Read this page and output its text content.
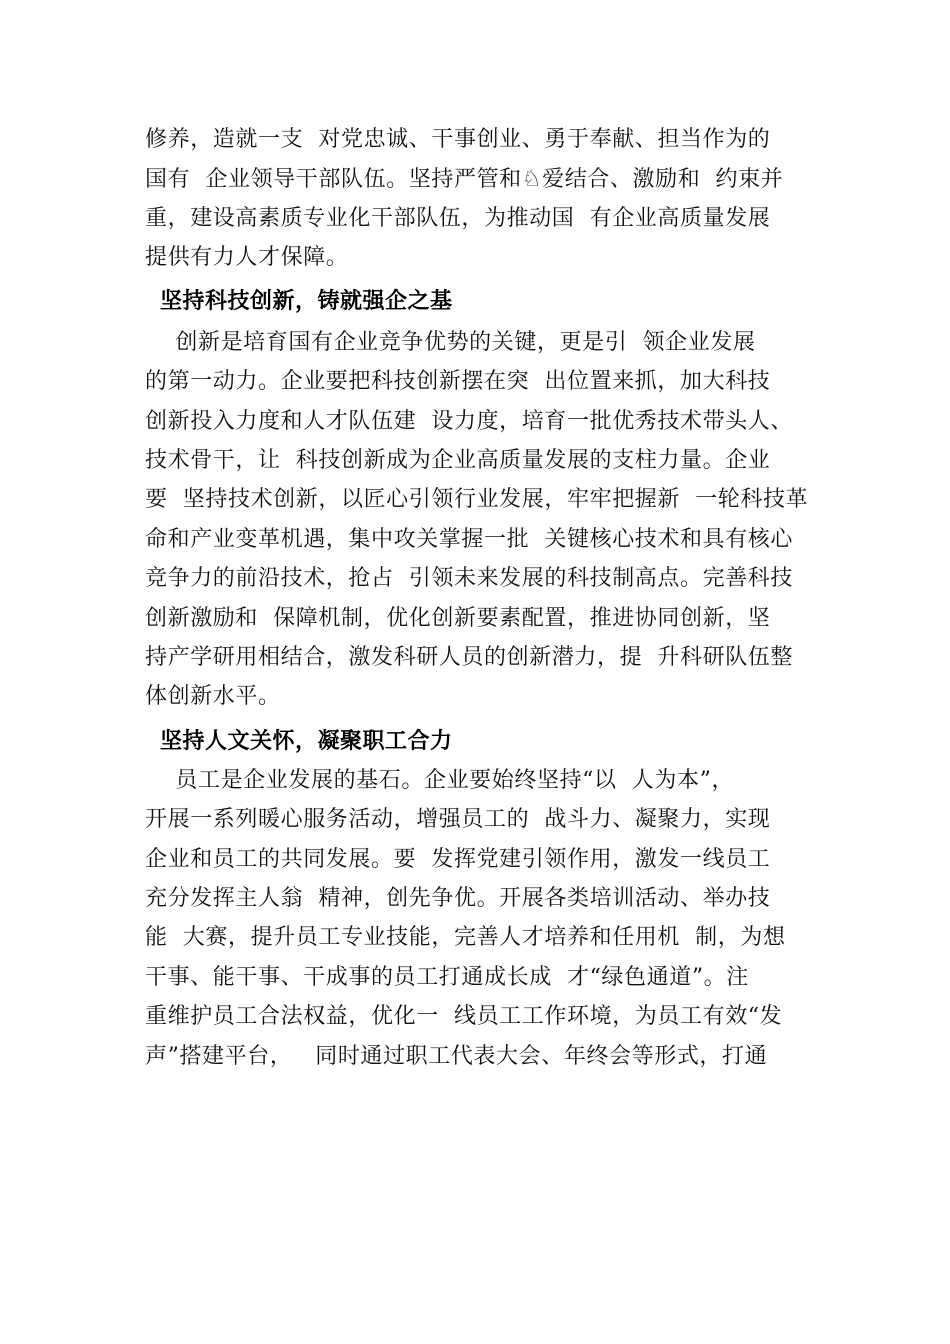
修养，造就一支  对党忠诚、干事创业、勇于奉献、担当作为的
国有  企业领导干部队伍。坚持严管和♘爱结合、激励和  约束并
重，建设高素质专业化干部队伍，为推动国  有企业高质量发展
提供有力人才保障。
坚持科技创新，铸就强企之基
创新是培育国有企业竞争优势的关键，更是引  领企业发展
的第一动力。企业要把科技创新摆在突  出位置来抓，加大科技
创新投入力度和人才队伍建  设力度，培育一批优秀技术带头人、
技术骨干，让  科技创新成为企业高质量发展的支柱力量。企业
要  坚持技术创新，以匠心引领行业发展，牢牢把握新  一轮科技革
命和产业变革机遇，集中攻关掌握一批  关键核心技术和具有核心
竞争力的前沿技术，抢占  引领未来发展的科技制高点。完善科技
创新激励和  保障机制，优化创新要素配置，推进协同创新，坚
持产学研用相结合，激发科研人员的创新潜力，提  升科研队伍整
体创新水平。
坚持人文关怀，凝聚职工合力
员工是企业发展的基石。企业要始终坚持“以  人为本”，
开展一系列暖心服务活动，增强员工的  战斗力、凝聚力，实现
企业和员工的共同发展。要  发挥党建引领作用，激发一线员工
充分发挥主人翁  精神，创先争优。开展各类培训活动、举办技
能  大赛，提升员工专业技能，完善人才培养和任用机  制，为想
干事、能干事、干成事的员工打通成长成  才“绿色通道”。注
重维护员工合法权益，优化一  线员工工作环境，为员工有效“发
声”搭建平台，   同时通过职工代表大会、年终会等形式，打通
